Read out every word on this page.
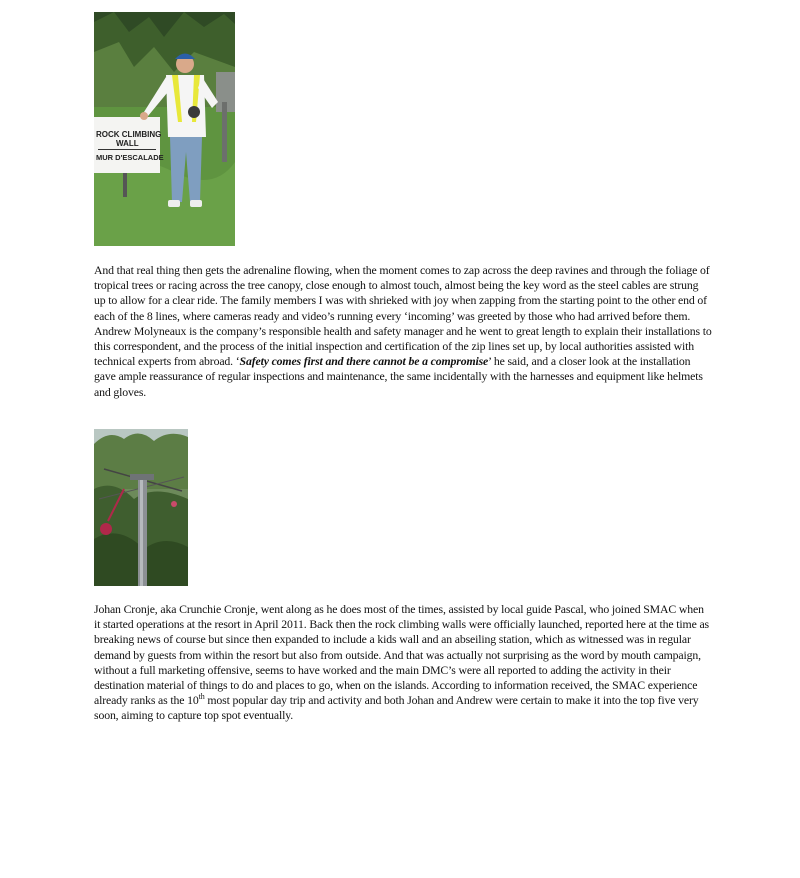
ROCK CLIMBING
WALL
MUR D'ESCALADE

And that real thing then gets the adrenaline flowing, when the moment comes to zap across the deep ravines and through the foliage of tropical trees or racing across the tree canopy, close enough to almost touch, almost being the key word as the steel cables are strung up to allow for a clear ride. The family members I was with shrieked with joy when zapping from the starting point to the other end of each of the 8 lines, where cameras ready and video’s running every ‘incoming’ was greeted by those who had arrived before them.

Andrew Molyneaux is the company’s responsible health and safety manager and he went to great length to explain their installations to this correspondent, and the process of the initial inspection and certification of the zip lines set up, by local authorities assisted with technical experts from abroad. ‘Safety comes first and there cannot be a compromise’ he said, and a closer look at the installation gave ample reassurance of regular inspections and maintenance, the same incidentally with the harnesses and equipment like helmets and gloves.

Johan Cronje, aka Crunchie Cronje, went along as he does most of the times, assisted by local guide Pascal, who joined SMAC when it started operations at the resort in April 2011. Back then the rock climbing walls were officially launched, reported here at the time as breaking news of course but since then expanded to include a kids wall and an abseiling station, which as witnessed was in regular demand by guests from within the resort but also from outside. And that was actually not surprising as the word by mouth campaign, without a full marketing offensive, seems to have worked and the main DMC’s were all reported to adding the activity in their destination material of things to do and places to go, when on the islands. According to information received, the SMAC experience already ranks as the 10th most popular day trip and activity and both Johan and Andrew were certain to make it into the top five very soon, aiming to capture top spot eventually.
